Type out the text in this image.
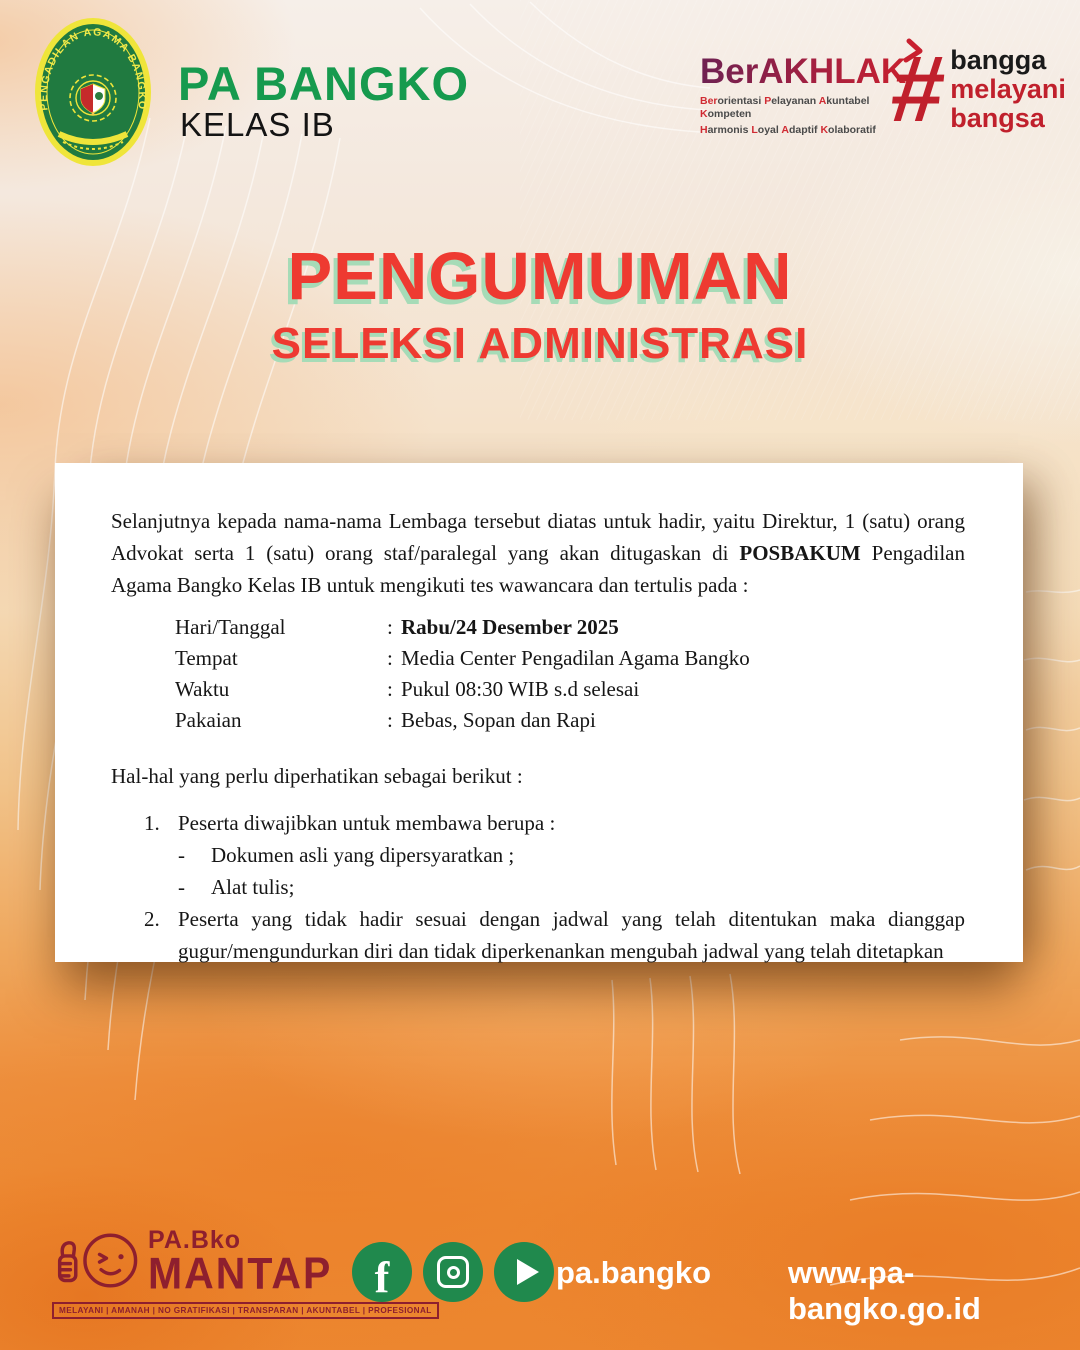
PENGADILAN AGAMA BANGKO PA BANGKO
KELAS IB
BerAKHLAK
Berorientasi Pelayanan Akuntabel Kompeten
Harmonis Loyal Adaptif Kolaboratif # bangga
melayani
bangsa
PENGUMUMAN
SELEKSI ADMINISTRASI

Selanjutnya kepada nama-nama Lembaga tersebut diatas untuk hadir, yaitu Direktur, 1 (satu) orang Advokat serta 1 (satu) orang staf/paralegal yang akan ditugaskan di POSBAKUM Pengadilan Agama Bangko Kelas IB untuk mengikuti tes wawancara dan tertulis pada :

Hari/Tanggal	: Rabu/24 Desember 2025
Tempat	: Media Center Pengadilan Agama Bangko
Waktu	: Pukul 08:30 WIB s.d selesai
Pakaian	: Bebas, Sopan dan Rapi

Hal-hal yang perlu diperhatikan sebagai berikut :

1. Peserta diwajibkan untuk membawa berupa :
-	Dokumen asli yang dipersyaratkan ;
-	Alat tulis;
2. Peserta yang tidak hadir sesuai dengan jadwal yang telah ditentukan maka dianggap gugur/mengundurkan diri dan tidak diperkenankan mengubah jadwal yang telah ditetapkan
PA.Bko
MANTAP
MELAYANI | AMANAH | NO GRATIFIKASI | TRANSPARAN | AKUNTABEL | PROFESIONAL
f	pa.bangko www.pa-bangko.go.id
